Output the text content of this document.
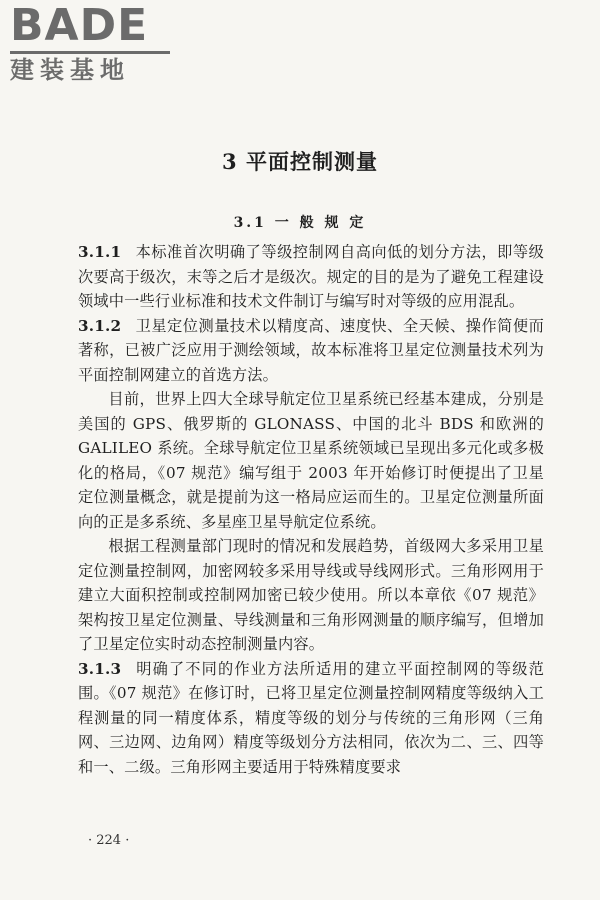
BADE
建装基地
3 平面控制测量
3.1 一 般 规 定

3.1.1 本标准首次明确了等级控制网自高向低的划分方法，即等级次要高于级次，末等之后才是级次。规定的目的是为了避免工程建设领域中一些行业标准和技术文件制订与编写时对等级的应用混乱。

3.1.2 卫星定位测量技术以精度高、速度快、全天候、操作简便而著称，已被广泛应用于测绘领域，故本标准将卫星定位测量技术列为平面控制网建立的首选方法。

目前，世界上四大全球导航定位卫星系统已经基本建成，分别是美国的 GPS、俄罗斯的 GLONASS、中国的北斗 BDS 和欧洲的 GALILEO 系统。全球导航定位卫星系统领域已呈现出多元化或多极化的格局，《07 规范》编写组于 2003 年开始修订时便提出了卫星定位测量概念，就是提前为这一格局应运而生的。卫星定位测量所面向的正是多系统、多星座卫星导航定位系统。

根据工程测量部门现时的情况和发展趋势，首级网大多采用卫星定位测量控制网，加密网较多采用导线或导线网形式。三角形网用于建立大面积控制或控制网加密已较少使用。所以本章依《07 规范》架构按卫星定位测量、导线测量和三角形网测量的顺序编写，但增加了卫星定位实时动态控制测量内容。

3.1.3 明确了不同的作业方法所适用的建立平面控制网的等级范围。《07 规范》在修订时，已将卫星定位测量控制网精度等级纳入工程测量的同一精度体系，精度等级的划分与传统的三角形网（三角网、三边网、边角网）精度等级划分方法相同，依次为二、三、四等和一、二级。三角形网主要适用于特殊精度要求

· 224 ·
